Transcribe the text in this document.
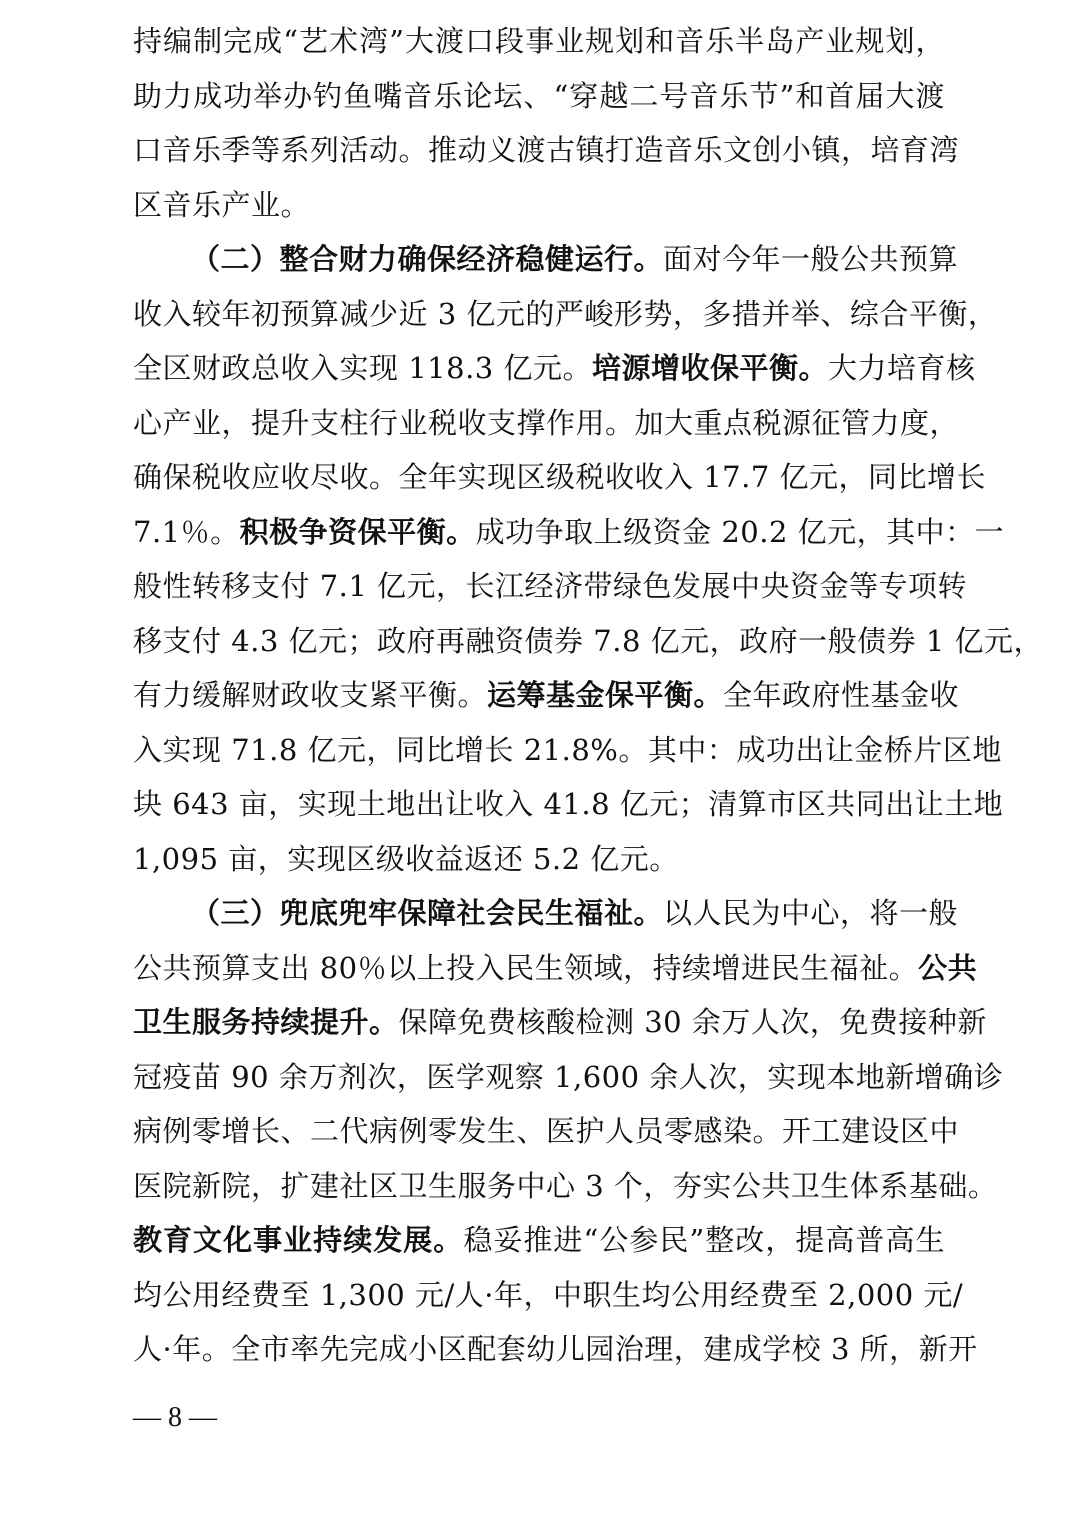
持编制完成“艺术湾”大渡口段事业规划和音乐半岛产业规划，
助力成功举办钓鱼嘴音乐论坛、“穿越二号音乐节”和首届大渡
口音乐季等系列活动。推动义渡古镇打造音乐文创小镇，培育湾
区音乐产业。
（二）整合财力确保经济稳健运行。面对今年一般公共预算
收入较年初预算减少近 3 亿元的严峻形势，多措并举、综合平衡，
全区财政总收入实现 118.3 亿元。培源增收保平衡。大力培育核
心产业，提升支柱行业税收支撑作用。加大重点税源征管力度，
确保税收应收尽收。全年实现区级税收收入 17.7 亿元，同比增长
7.1％。积极争资保平衡。成功争取上级资金 20.2 亿元，其中：一
般性转移支付 7.1 亿元，长江经济带绿色发展中央资金等专项转
移支付 4.3 亿元；政府再融资债券 7.8 亿元，政府一般债券 1 亿元，
有力缓解财政收支紧平衡。运筹基金保平衡。全年政府性基金收
入实现 71.8 亿元，同比增长 21.8%。其中：成功出让金桥片区地
块 643 亩，实现土地出让收入 41.8 亿元；清算市区共同出让土地
1,095 亩，实现区级收益返还 5.2 亿元。
（三）兜底兜牢保障社会民生福祉。以人民为中心，将一般
公共预算支出 80％以上投入民生领域，持续增进民生福祉。公共
卫生服务持续提升。保障免费核酸检测 30 余万人次，免费接种新
冠疫苗 90 余万剂次，医学观察 1,600 余人次，实现本地新增确诊
病例零增长、二代病例零发生、医护人员零感染。开工建设区中
医院新院，扩建社区卫生服务中心 3 个，夯实公共卫生体系基础。
教育文化事业持续发展。稳妥推进“公参民”整改，提高普高生
均公用经费至 1,300 元/人·年，中职生均公用经费至 2,000 元/
人·年。全市率先完成小区配套幼儿园治理，建成学校 3 所，新开
— 8 —
